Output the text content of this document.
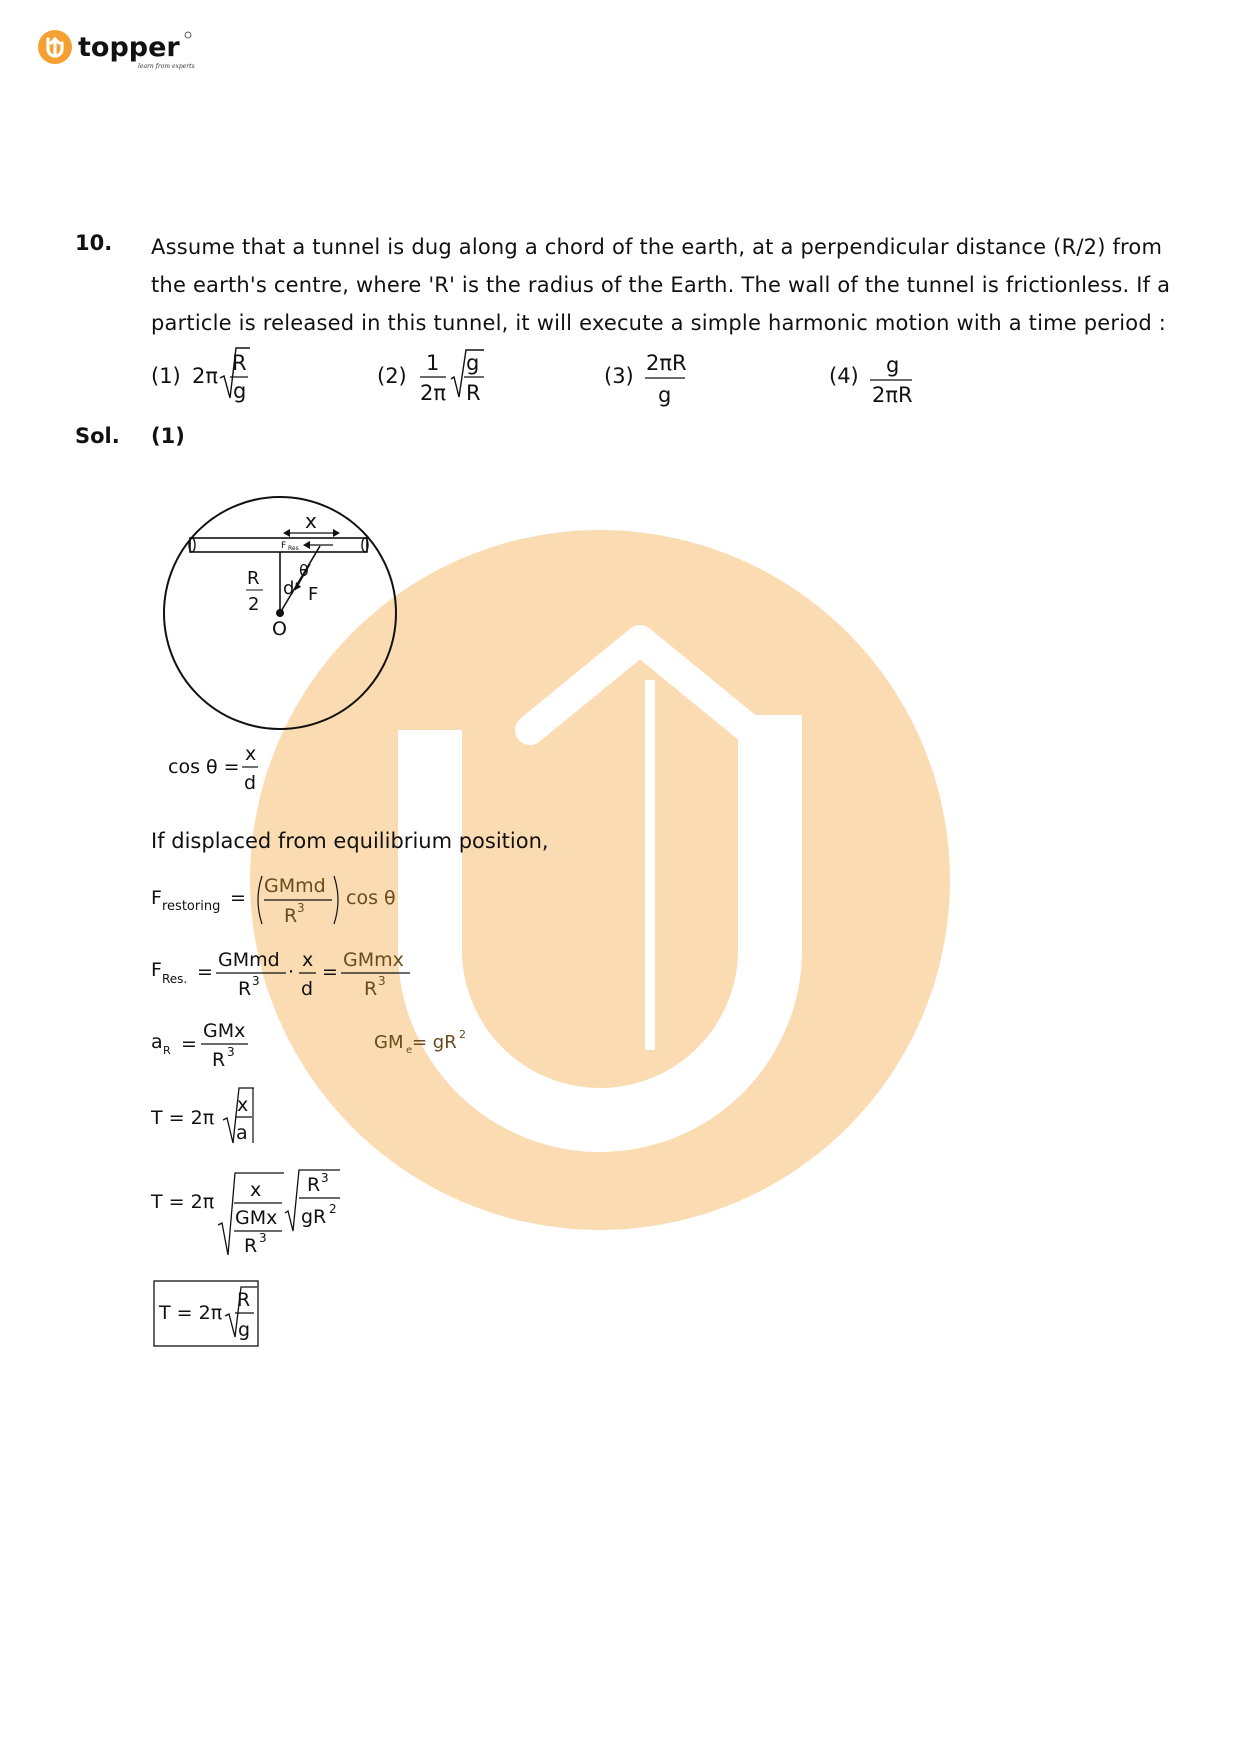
topper
learn from experts
10. Assume that a tunnel is dug along a chord of the earth, at a perpendicular distance (R/2) from the earth's centre, where 'R' is the radius of the Earth. The wall of the tunnel is frictionless. If a particle is released in this tunnel, it will execute a simple harmonic motion with a time period :
(1) 2π
R
g
(2)
1
2π
g
R
(3)
2πR
g
(4) g
2πR
Sol. (1)
x
F Res
θ
d F
R
2
O
cos θ =
x
d
F restoring =
GMmd
R 3 cos θ
F Res. =
GMmd
R 3 ·
x
d
=
GMmx
R 3
a R =
GMx
R 3	GM e = gR 2
T = 2π
x
a
T = 2π
x
GMx
R 3
R 3
gR 2
T = 2π
R
g
If displaced from equilibrium position,
